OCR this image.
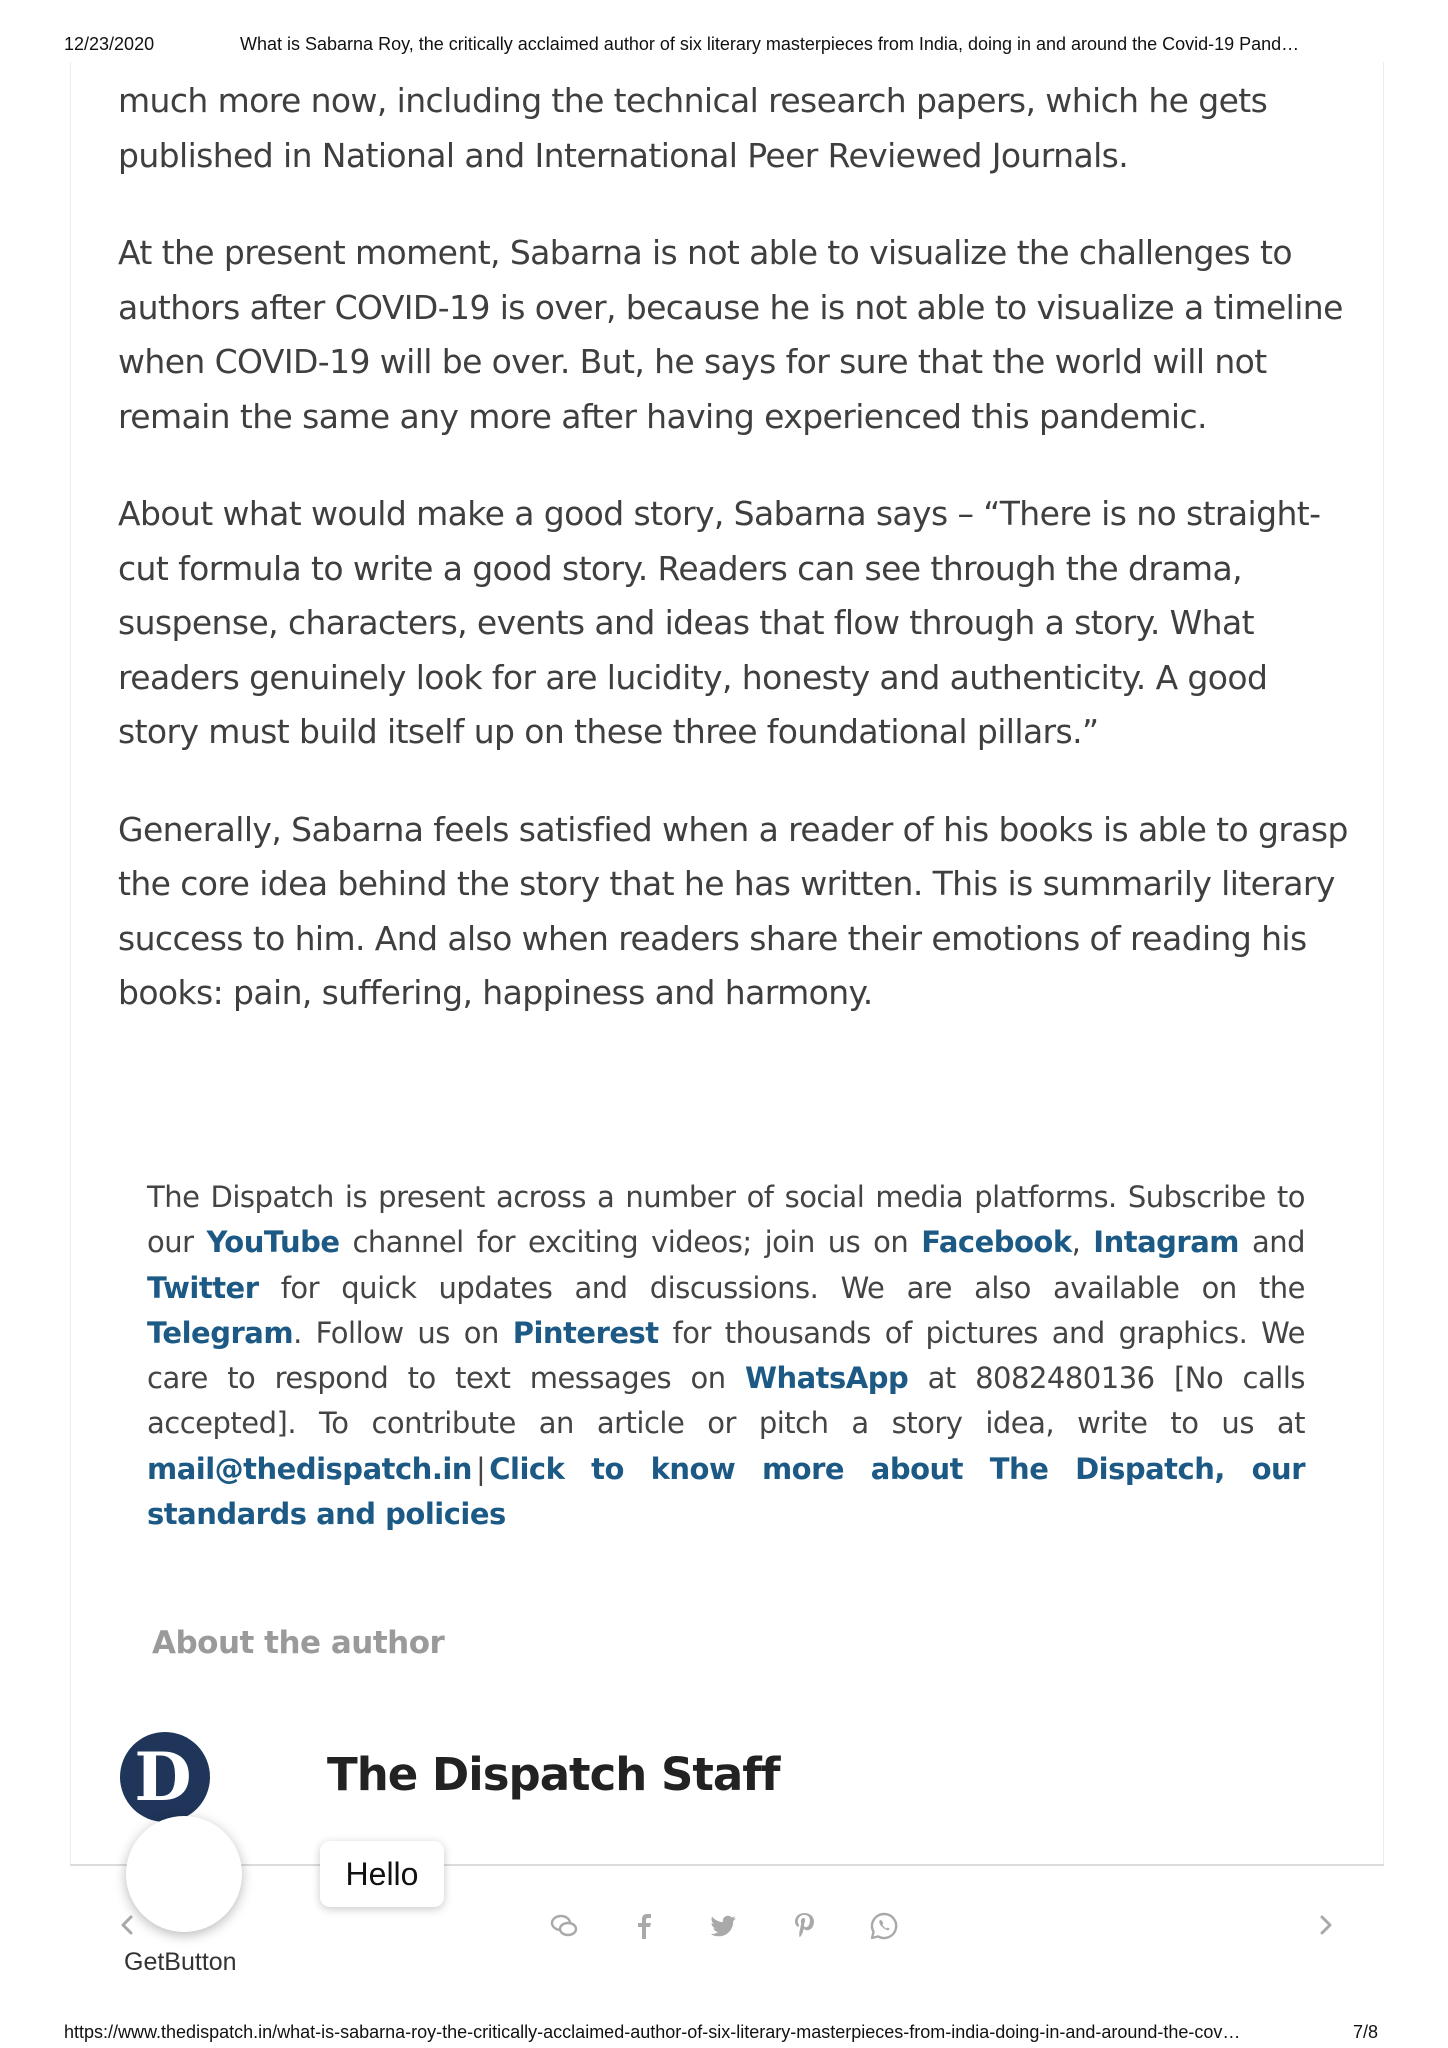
12/23/2020	What is Sabarna Roy, the critically acclaimed author of six literary masterpieces from India, doing in and around the Covid-19 Pand…

much more now, including the technical research papers, which he gets published in National and International Peer Reviewed Journals.

At the present moment, Sabarna is not able to visualize the challenges to authors after COVID-19 is over, because he is not able to visualize a timeline when COVID-19 will be over. But, he says for sure that the world will not remain the same any more after having experienced this pandemic.

About what would make a good story, Sabarna says – “There is no straight-cut formula to write a good story. Readers can see through the drama, suspense, characters, events and ideas that flow through a story. What readers genuinely look for are lucidity, honesty and authenticity. A good story must build itself up on these three foundational pillars.”

Generally, Sabarna feels satisfied when a reader of his books is able to grasp the core idea behind the story that he has written. This is summarily literary success to him. And also when readers share their emotions of reading his books: pain, suffering, happiness and harmony.

The Dispatch is present across a number of social media platforms. Subscribe to our YouTube channel for exciting videos; join us on Facebook, Intagram and Twitter for quick updates and discussions. We are also available on the Telegram. Follow us on Pinterest for thousands of pictures and graphics. We care to respond to text messages on WhatsApp at 8082480136 [No calls accepted]. To contribute an article or pitch a story idea, write to us at mail@thedispatch.in | Click to know more about The Dispatch, our standards and policies
About the author
D	The Dispatch Staff
GetButton
Hello
https://www.thedispatch.in/what-is-sabarna-roy-the-critically-acclaimed-author-of-six-literary-masterpieces-from-india-doing-in-and-around-the-cov…	7/8
